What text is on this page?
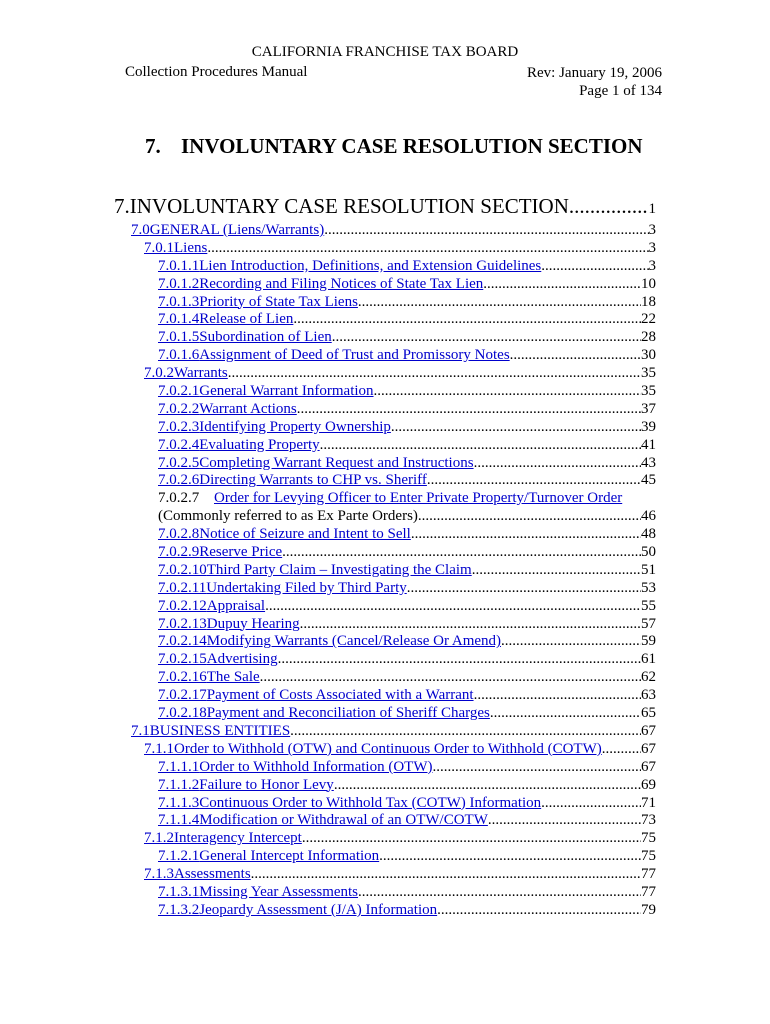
CALIFORNIA FRANCHISE TAX BOARD
Collection Procedures Manual	Rev: January 19, 2006
Page 1 of 134
7. INVOLUNTARY CASE RESOLUTION SECTION
7. INVOLUNTARY CASE RESOLUTION SECTION .....	1
7.0 GENERAL (Liens/Warrants) .....	3
7.0.1 Liens .....	3
7.0.1.1 Lien Introduction, Definitions, and Extension Guidelines .....	3
7.0.1.2 Recording and Filing Notices of State Tax Lien .....	10
7.0.1.3 Priority of State Tax Liens .....	18
7.0.1.4 Release of Lien .....	22
7.0.1.5 Subordination of Lien .....	28
7.0.1.6 Assignment of Deed of Trust and Promissory Notes .....	30
7.0.2 Warrants .....	35
7.0.2.1 General Warrant Information .....	35
7.0.2.2 Warrant Actions .....	37
7.0.2.3 Identifying Property Ownership .....	39
7.0.2.4 Evaluating Property .....	41
7.0.2.5 Completing Warrant Request and Instructions .....	43
7.0.2.6 Directing Warrants to CHP vs. Sheriff .....	45
7.0.2.7 Order for Levying Officer to Enter Private Property/Turnover Order
(Commonly referred to as Ex Parte Orders) .....	46
7.0.2.8 Notice of Seizure and Intent to Sell .....	48
7.0.2.9 Reserve Price .....	50
7.0.2.10 Third Party Claim – Investigating the Claim .....	51
7.0.2.11 Undertaking Filed by Third Party .....	53
7.0.2.12 Appraisal .....	55
7.0.2.13 Dupuy Hearing .....	57
7.0.2.14 Modifying Warrants (Cancel/Release Or Amend) .....	59
7.0.2.15 Advertising .....	61
7.0.2.16 The Sale .....	62
7.0.2.17 Payment of Costs Associated with a Warrant .....	63
7.0.2.18 Payment and Reconciliation of Sheriff Charges .....	65
7.1 BUSINESS ENTITIES .....	67
7.1.1 Order to Withhold (OTW) and Continuous Order to Withhold (COTW) .....	67
7.1.1.1 Order to Withhold Information (OTW) .....	67
7.1.1.2 Failure to Honor Levy .....	69
7.1.1.3 Continuous Order to Withhold Tax (COTW) Information .....	71
7.1.1.4 Modification or Withdrawal of an OTW/COTW .....	73
7.1.2 Interagency Intercept .....	75
7.1.2.1 General Intercept Information .....	75
7.1.3 Assessments .....	77
7.1.3.1 Missing Year Assessments .....	77
7.1.3.2 Jeopardy Assessment (J/A) Information .....	79
